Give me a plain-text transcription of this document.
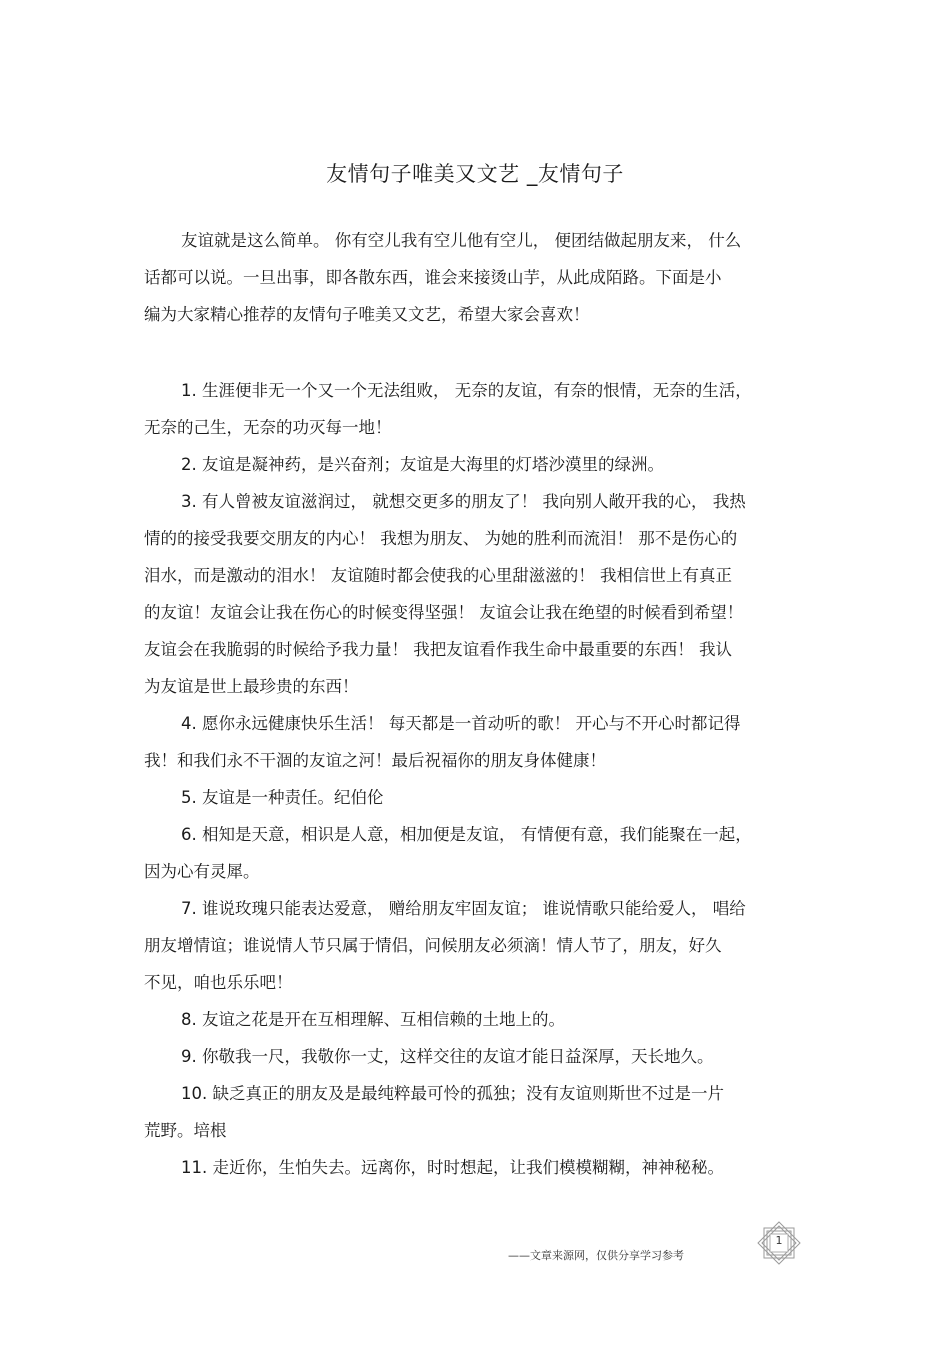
友情句子唯美又文艺 _友情句子
友谊就是这么简单。 你有空儿我有空儿他有空儿， 便团结做起朋友来， 什么
话都可以说。一旦出事，即各散东西，谁会来接烫山芋，从此成陌路。下面是小
编为大家精心推荐的友情句子唯美又文艺，希望大家会喜欢！
1. 生涯便非无一个又一个无法组败， 无奈的友谊，有奈的恨情，无奈的生活，
无奈的己生，无奈的功灭每一地！
2. 友谊是凝神药，是兴奋剂；友谊是大海里的灯塔沙漠里的绿洲。
3. 有人曾被友谊滋润过， 就想交更多的朋友了！ 我向别人敞开我的心， 我热
情的的接受我要交朋友的内心！ 我想为朋友、 为她的胜利而流泪！ 那不是伤心的
泪水，而是激动的泪水！ 友谊随时都会使我的心里甜滋滋的！ 我相信世上有真正
的友谊！友谊会让我在伤心的时候变得坚强！ 友谊会让我在绝望的时候看到希望！
友谊会在我脆弱的时候给予我力量！ 我把友谊看作我生命中最重要的东西！ 我认
为友谊是世上最珍贵的东西！
4. 愿你永远健康快乐生活！ 每天都是一首动听的歌！ 开心与不开心时都记得
我！和我们永不干涸的友谊之河！最后祝福你的朋友身体健康！
5. 友谊是一种责任。纪伯伦
6. 相知是天意，相识是人意，相加便是友谊， 有情便有意，我们能聚在一起，
因为心有灵犀。
7. 谁说玫瑰只能表达爱意， 赠给朋友牢固友谊； 谁说情歌只能给爱人， 唱给
朋友增情谊；谁说情人节只属于情侣，问候朋友必须滴！情人节了，朋友，好久
不见，咱也乐乐吧！
8. 友谊之花是开在互相理解、互相信赖的土地上的。
9. 你敬我一尺，我敬你一丈，这样交往的友谊才能日益深厚，天长地久。
10. 缺乏真正的朋友及是最纯粹最可怜的孤独；没有友谊则斯世不过是一片
荒野。培根
11. 走近你，生怕失去。远离你，时时想起，让我们模模糊糊，神神秘秘。
——文章来源网，仅供分享学习参考
1
